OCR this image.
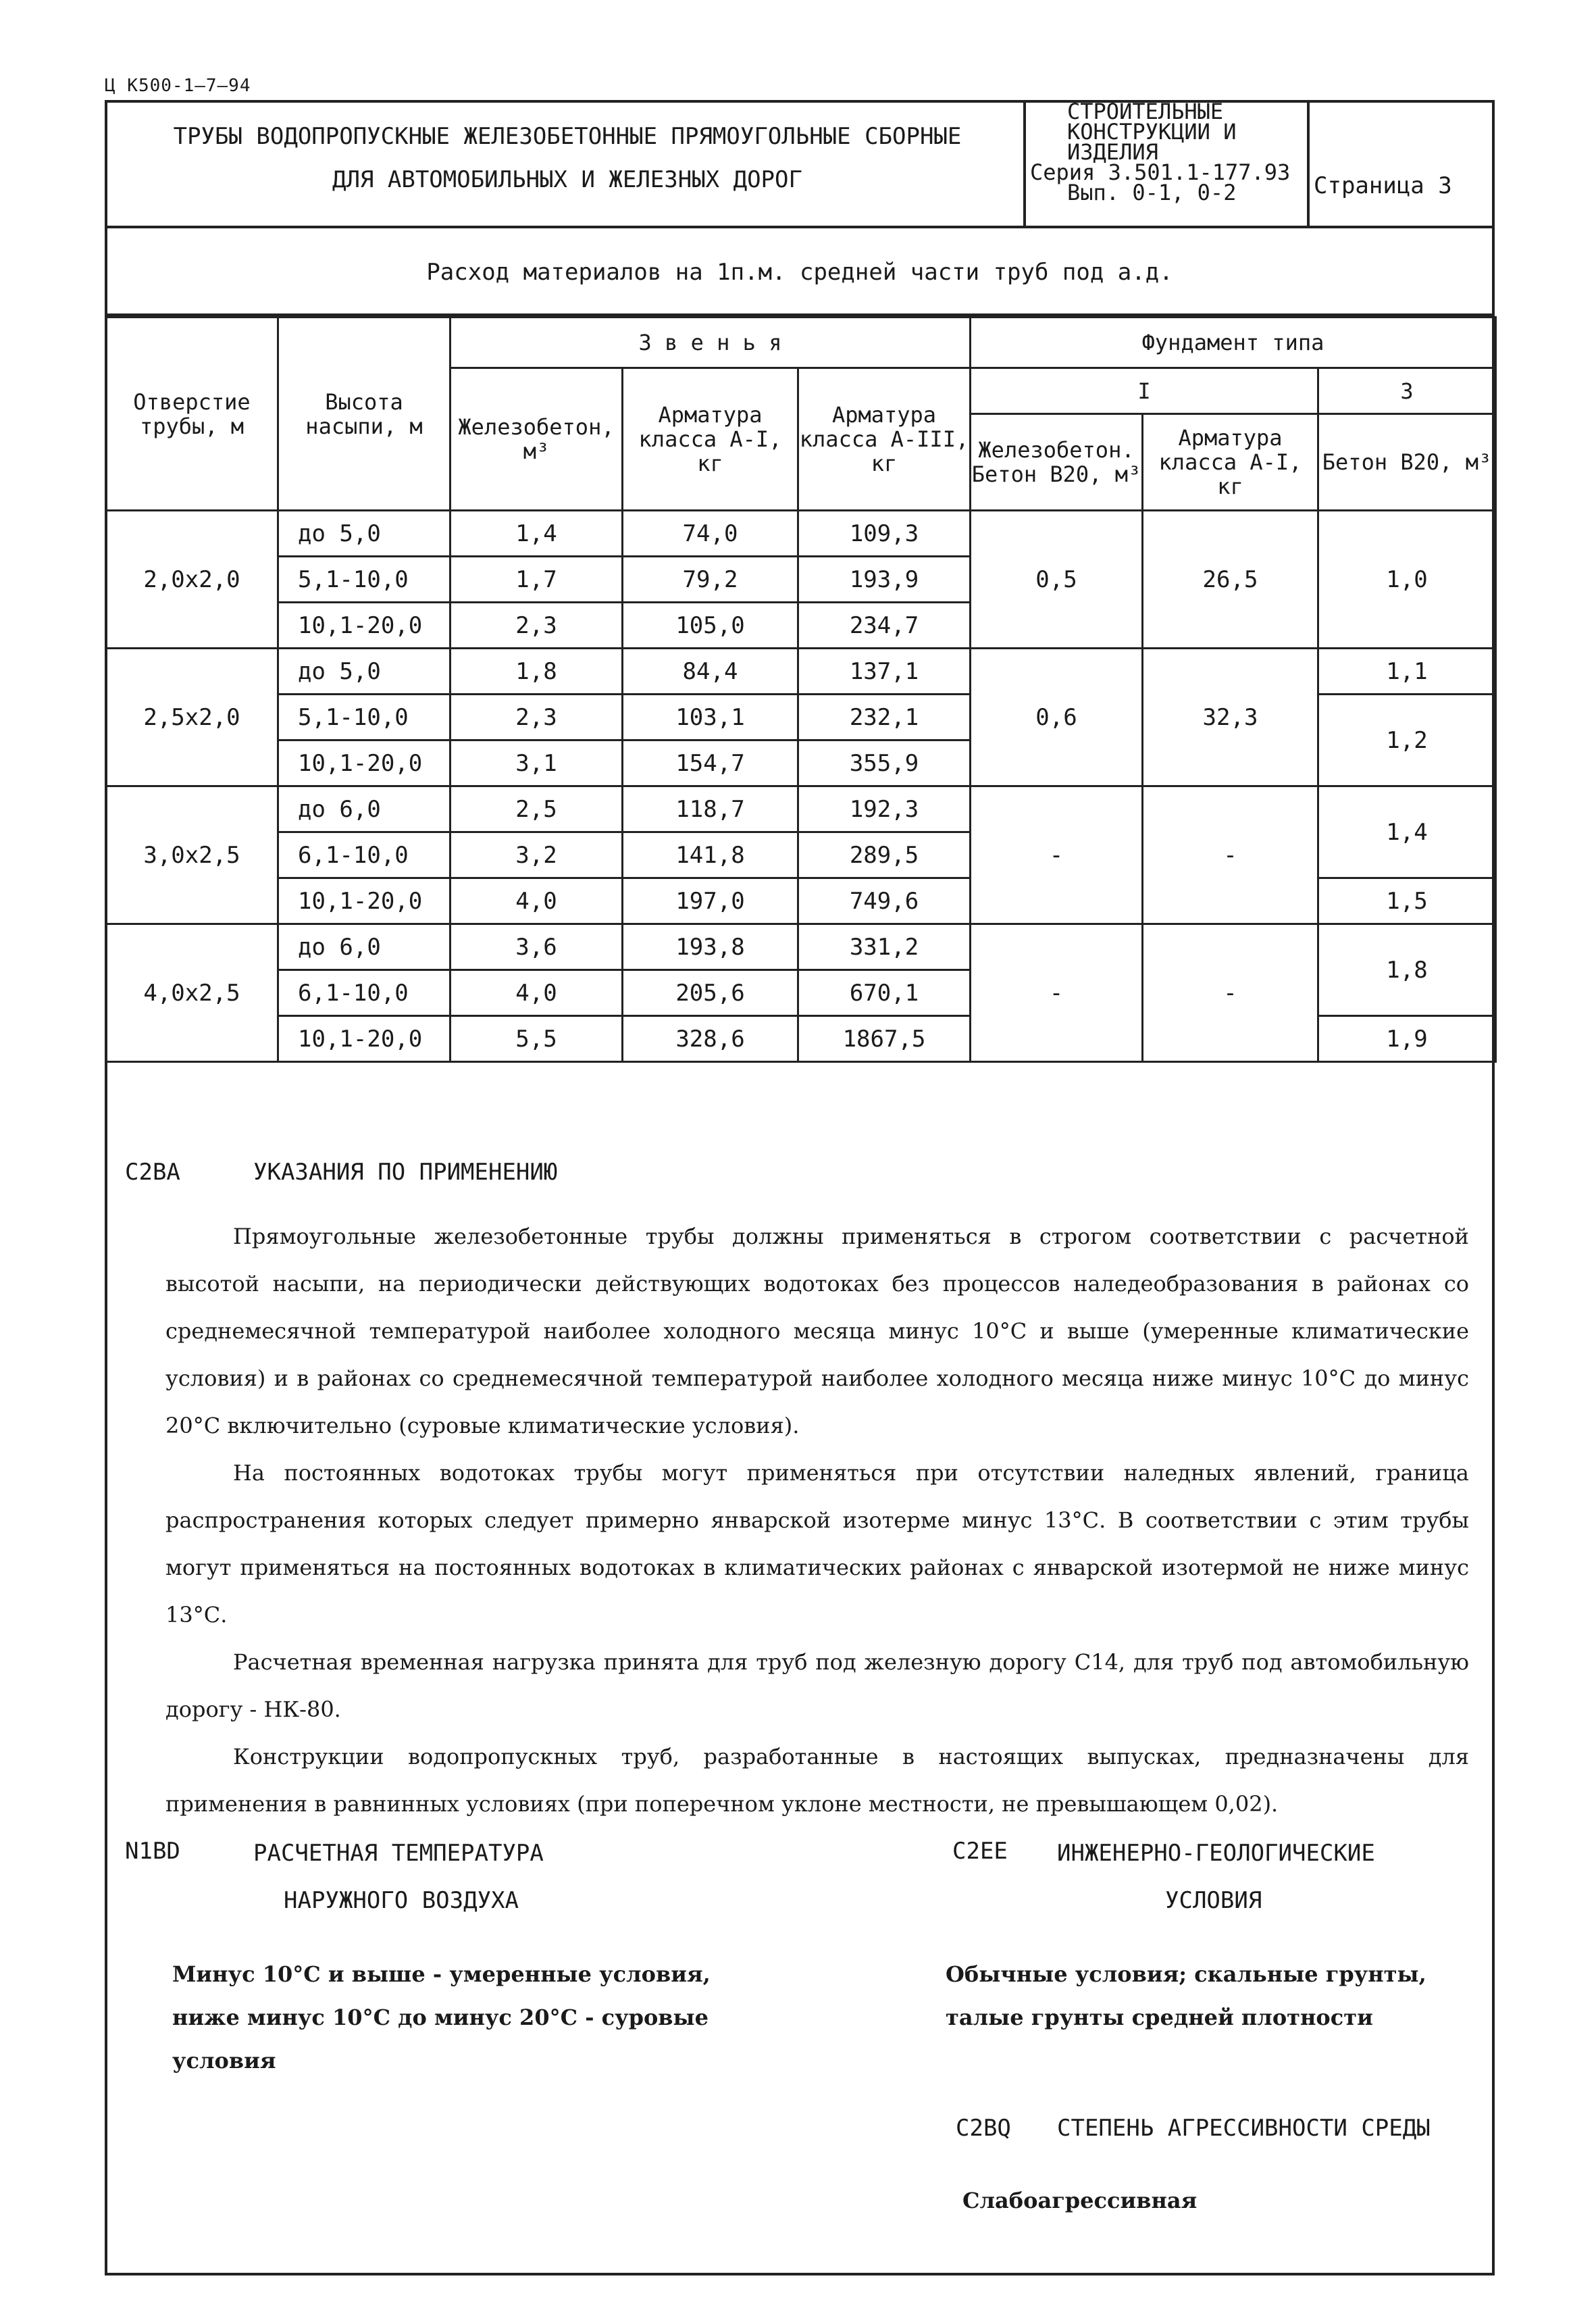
Ц К500-1—7–94
ТРУБЫ ВОДОПРОПУСКНЫЕ ЖЕЛЕЗОБЕТОННЫЕ ПРЯМОУГОЛЬНЫЕ СБОРНЫЕ
ДЛЯ АВТОМОБИЛЬНЫХ И ЖЕЛЕЗНЫХ ДОРОГ
СТРОИТЕЛЬНЫЕ
КОНСТРУКЦИИ И
ИЗДЕЛИЯ
Серия 3.501.1-177.93
Вып. 0-1, 0-2	Страница 3
Расход материалов на 1п.м. средней части труб под а.д.
Отверстие трубы, м	Высота насыпи, м	З в е н ь я			Фундамент типа		
		Железобетон, м³	Арматура класса А-I, кг	Арматура класса А-III, кг	I		3
					Железобетон. Бетон В20, м³	Арматура класса А-I, кг	Бетон В20, м³
2,0х2,0	до 5,0	1,4	74,0	109,3	0,5	26,5	1,0
	5,1-10,0	1,7	79,2	193,9			
	10,1-20,0	2,3	105,0	234,7			
2,5х2,0	до 5,0	1,8	84,4	137,1	0,6	32,3	1,1
	5,1-10,0	2,3	103,1	232,1			1,2
	10,1-20,0	3,1	154,7	355,9			
3,0х2,5	до 6,0	2,5	118,7	192,3	-	-	1,4
	6,1-10,0	3,2	141,8	289,5			
	10,1-20,0	4,0	197,0	749,6			1,5
4,0х2,5	до 6,0	3,6	193,8	331,2	-	-	1,8
	6,1-10,0	4,0	205,6	670,1			
	10,1-20,0	5,5	328,6	1867,5			1,9
С2ВА	УКАЗАНИЯ ПО ПРИМЕНЕНИЮ

Прямоугольные железобетонные трубы должны применяться в строгом соответствии с расчетной высотой насыпи, на периодически действующих водотоках без процессов наледеобразования в районах со среднемесячной температурой наиболее холодного месяца минус 10°С и выше (умеренные климатические условия) и в районах со среднемесячной температурой наиболее холодного месяца ниже минус 10°С до минус 20°С включительно (суровые климатические условия).

На постоянных водотоках трубы могут применяться при отсутствии наледных явлений, граница распространения которых следует примерно январской изотерме минус 13°С. В соответствии с этим трубы могут применяться на постоянных водотоках в климатических районах с январской изотермой не ниже минус 13°С.

Расчетная временная нагрузка принята для труб под железную дорогу С14, для труб под автомобильную дорогу - НК-80.

Конструкции водопропускных труб, разработанные в настоящих выпусках, предназначены для применения в равнинных условиях (при поперечном уклоне местности, не превышающем 0,02).

N1BD	РАСЧЕТНАЯ ТЕМПЕРАТУРА
НАРУЖНОГО ВОЗДУХА
Минус 10°С и выше - умеренные условия,
ниже минус 10°С до минус 20°С - суровые
условия
С2ЕЕ ИНЖЕНЕРНО-ГЕОЛОГИЧЕСКИЕ
УСЛОВИЯ
Обычные условия; скальные грунты,
талые грунты средней плотности
С2ВQ СТЕПЕНЬ АГРЕССИВНОСТИ СРЕДЫ
Слабоагрессивная
